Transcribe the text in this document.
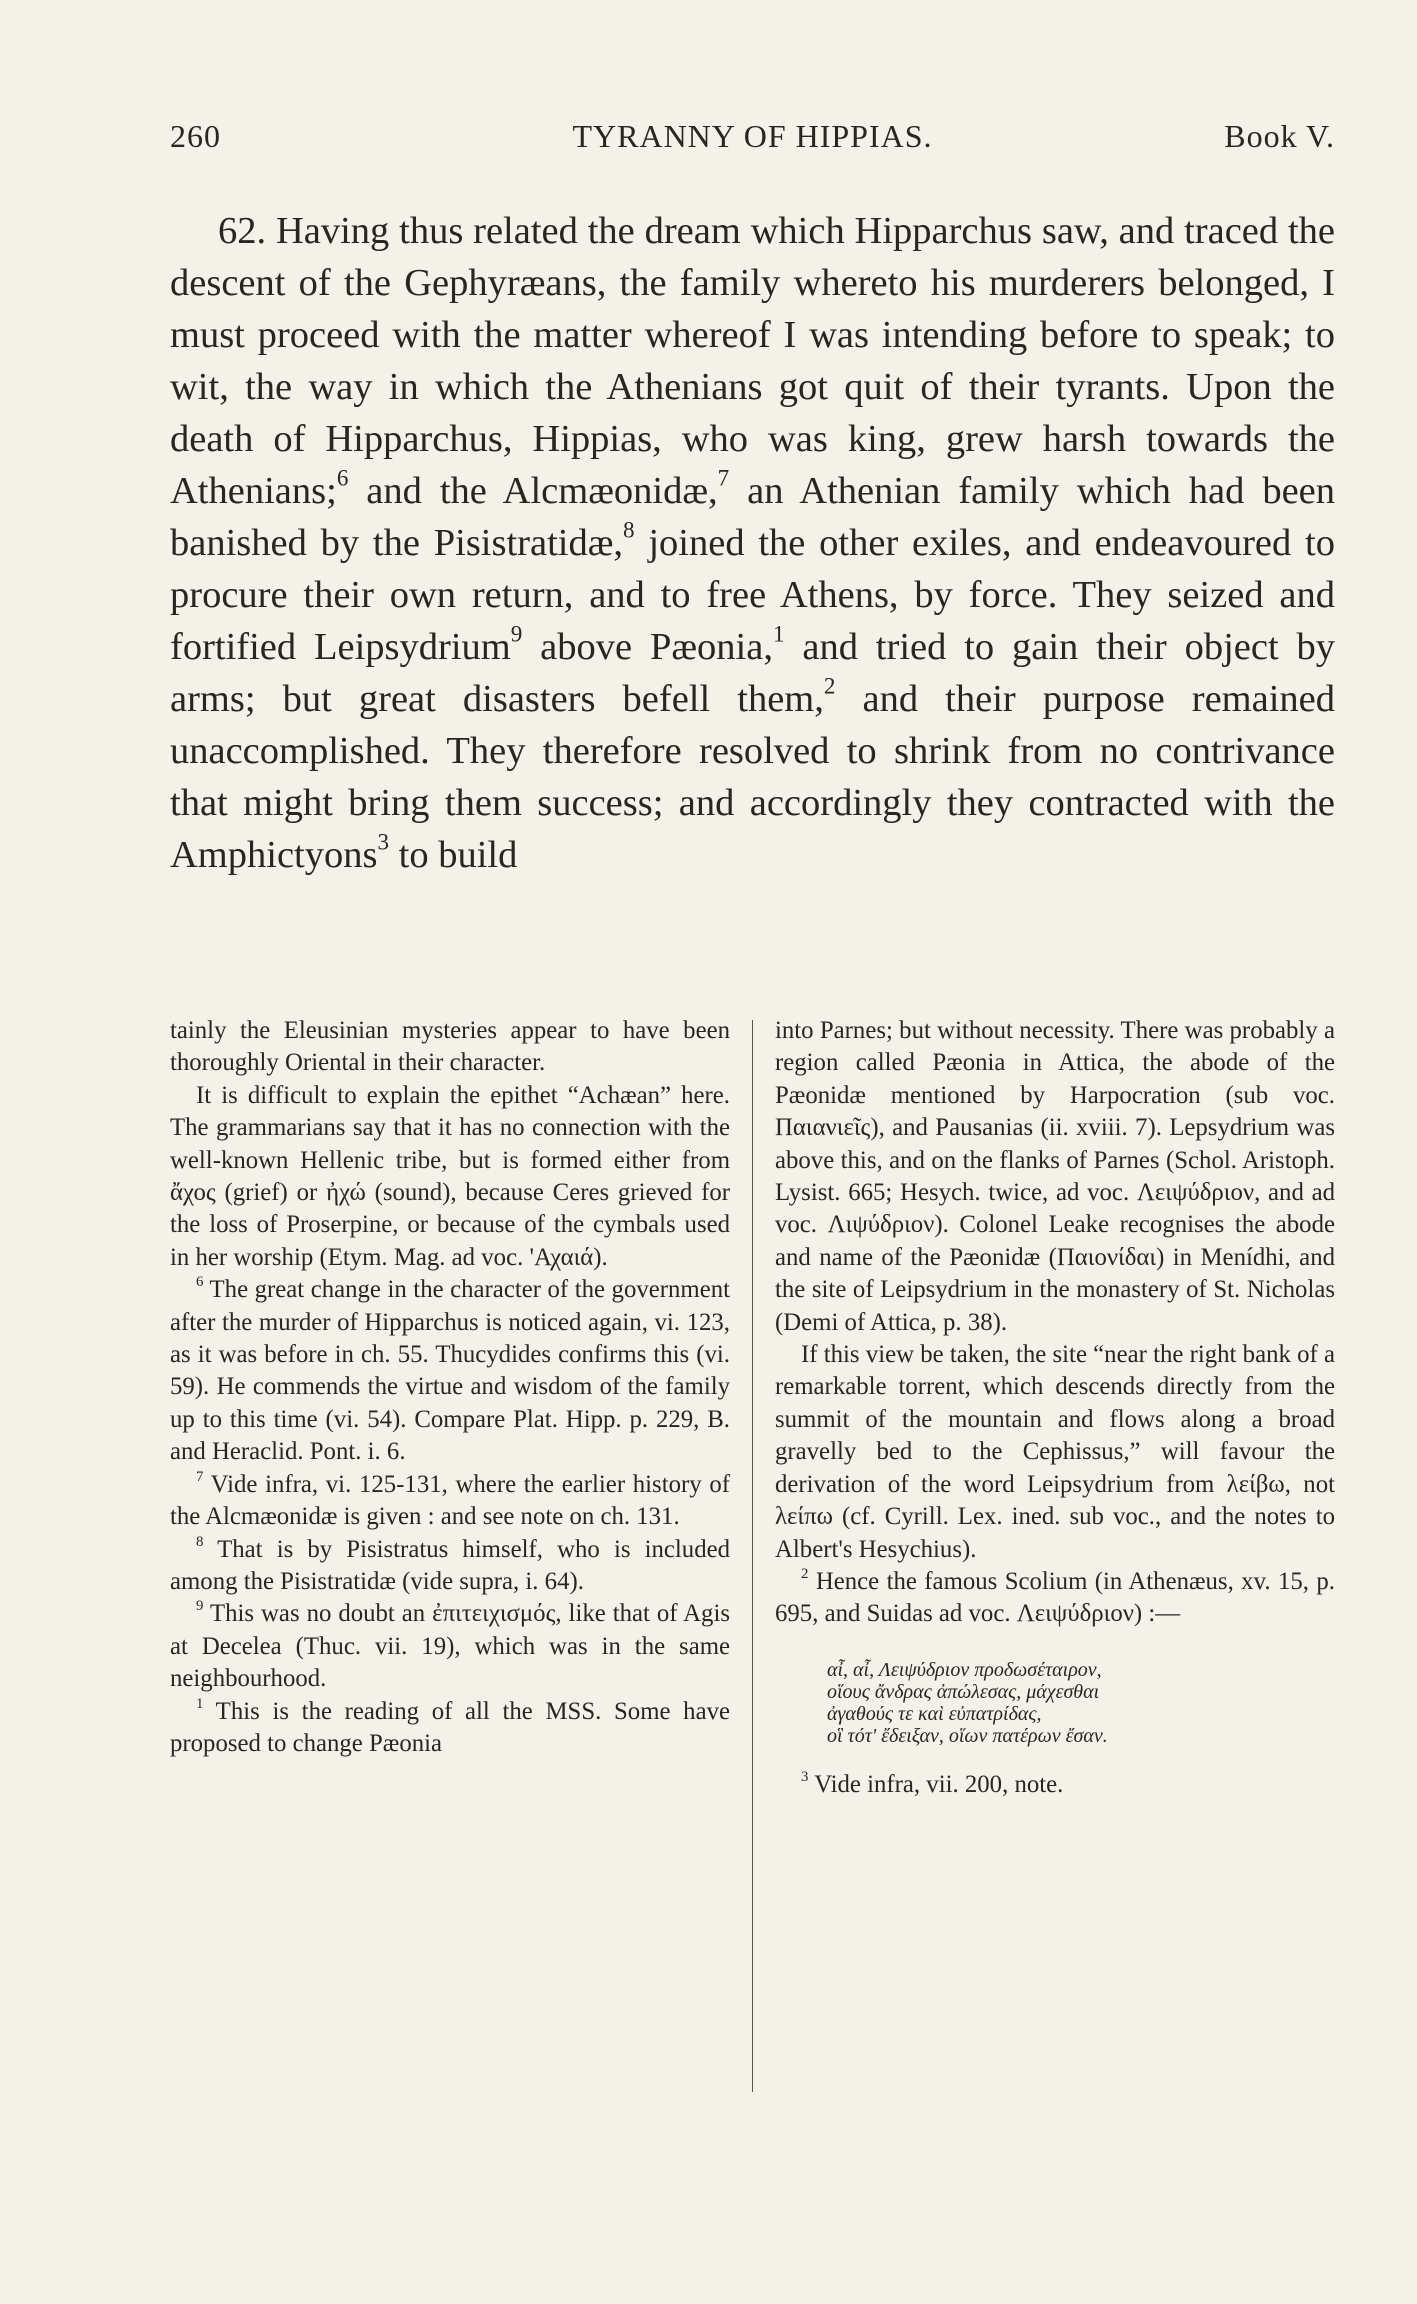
260	TYRANNY OF HIPPIAS.	Book V.

62. Having thus related the dream which Hipparchus saw, and traced the descent of the Gephyræans, the family whereto his murderers belonged, I must proceed with the matter whereof I was intending before to speak; to wit, the way in which the Athenians got quit of their tyrants. Upon the death of Hipparchus, Hippias, who was king, grew harsh towards the Athenians;$^6$ and the Alcmæonidæ,$^7$ an Athenian family which had been banished by the Pisistratidæ,$^8$ joined the other exiles, and endeavoured to procure their own return, and to free Athens, by force. They seized and fortified Leipsydrium$^9$ above Pæonia,$^1$ and tried to gain their object by arms; but great disasters befell them,$^2$ and their purpose remained unaccomplished. They therefore resolved to shrink from no contrivance that might bring them success; and accordingly they contracted with the Amphictyons$^3$ to build

tainly the Eleusinian mysteries appear to have been thoroughly Oriental in their character.

It is difficult to explain the epithet “Achæan” here. The grammarians say that it has no connection with the well-known Hellenic tribe, but is formed either from ἄχος (grief) or ἠχώ (sound), because Ceres grieved for the loss of Proserpine, or because of the cymbals used in her worship (Etym. Mag. ad voc. 'Αχαιά).

$^6$ The great change in the character of the government after the murder of Hipparchus is noticed again, vi. 123, as it was before in ch. 55. Thucydides confirms this (vi. 59). He commends the virtue and wisdom of the family up to this time (vi. 54). Compare Plat. Hipp. p. 229, B. and Heraclid. Pont. i. 6.

$^7$ Vide infra, vi. 125-131, where the earlier history of the Alcmæonidæ is given : and see note on ch. 131.

$^8$ That is by Pisistratus himself, who is included among the Pisistratidæ (vide supra, i. 64).

$^9$ This was no doubt an ἐπιτειχισμός, like that of Agis at Decelea (Thuc. vii. 19), which was in the same neighbourhood.

$^1$ This is the reading of all the MSS. Some have proposed to change Pæonia

into Parnes; but without necessity. There was probably a region called Pæonia in Attica, the abode of the Pæonidæ mentioned by Harpocration (sub voc. Παιανιεῖς), and Pausanias (ii. xviii. 7). Lepsydrium was above this, and on the flanks of Parnes (Schol. Aristoph. Lysist. 665; Hesych. twice, ad voc. Λειψύδριον, and ad voc. Λιψύδριον). Colonel Leake recognises the abode and name of the Pæonidæ (Παιονίδαι) in Menídhi, and the site of Leipsydrium in the monastery of St. Nicholas (Demi of Attica, p. 38).

If this view be taken, the site “near the right bank of a remarkable torrent, which descends directly from the summit of the mountain and flows along a broad gravelly bed to the Cephissus,” will favour the derivation of the word Leipsydrium from λείβω, not λείπω (cf. Cyrill. Lex. ined. sub voc., and the notes to Albert's Hesychius).

$^2$ Hence the famous Scolium (in Athenæus, xv. 15, p. 695, and Suidas ad voc. Λειψύδριον) :—

αἶ, αἶ, Λειψύδριον προδωσέταιρον,
οἵους ἄνδρας ἀπώλεσας, μάχεσθαι
ἀγαθούς τε καὶ εὐπατρίδας,
οἳ τότ' ἔδειξαν, οἵων πατέρων ἔσαν.

$^3$ Vide infra, vii. 200, note.
